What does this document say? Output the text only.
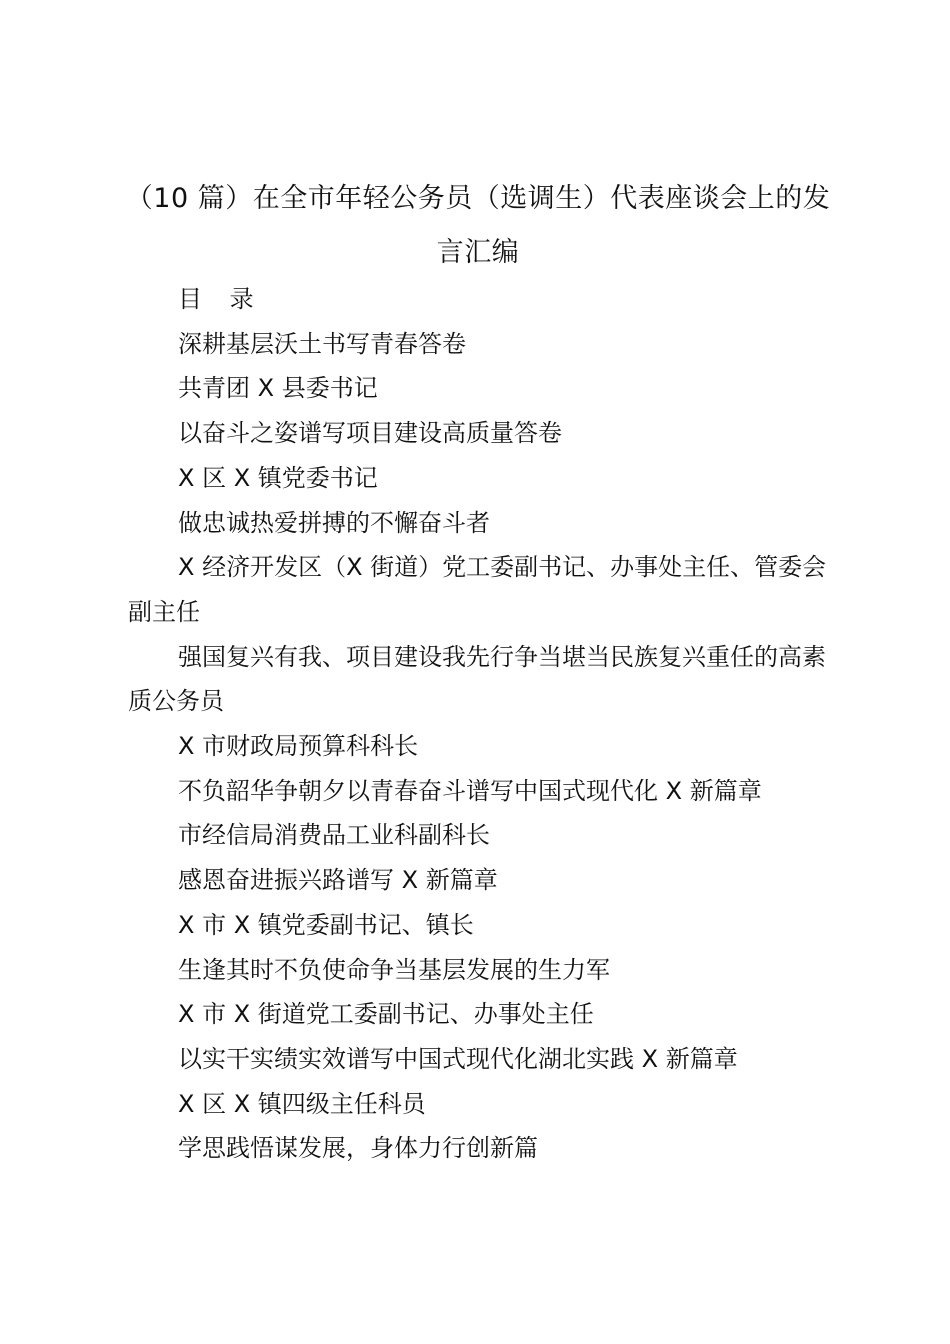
（10 篇）在全市年轻公务员（选调生）代表座谈会上的发言汇编
目 录
深耕基层沃土书写青春答卷
共青团 X 县委书记
以奋斗之姿谱写项目建设高质量答卷
X 区 X 镇党委书记
做忠诚热爱拼搏的不懈奋斗者
X 经济开发区（X 街道）党工委副书记、办事处主任、管委会副主任
强国复兴有我、项目建设我先行争当堪当民族复兴重任的高素质公务员
X 市财政局预算科科长
不负韶华争朝夕以青春奋斗谱写中国式现代化 X 新篇章
市经信局消费品工业科副科长
感恩奋进振兴路谱写 X 新篇章
X 市 X 镇党委副书记、镇长
生逢其时不负使命争当基层发展的生力军
X 市 X 街道党工委副书记、办事处主任
以实干实绩实效谱写中国式现代化湖北实践 X 新篇章
X 区 X 镇四级主任科员
学思践悟谋发展，身体力行创新篇
